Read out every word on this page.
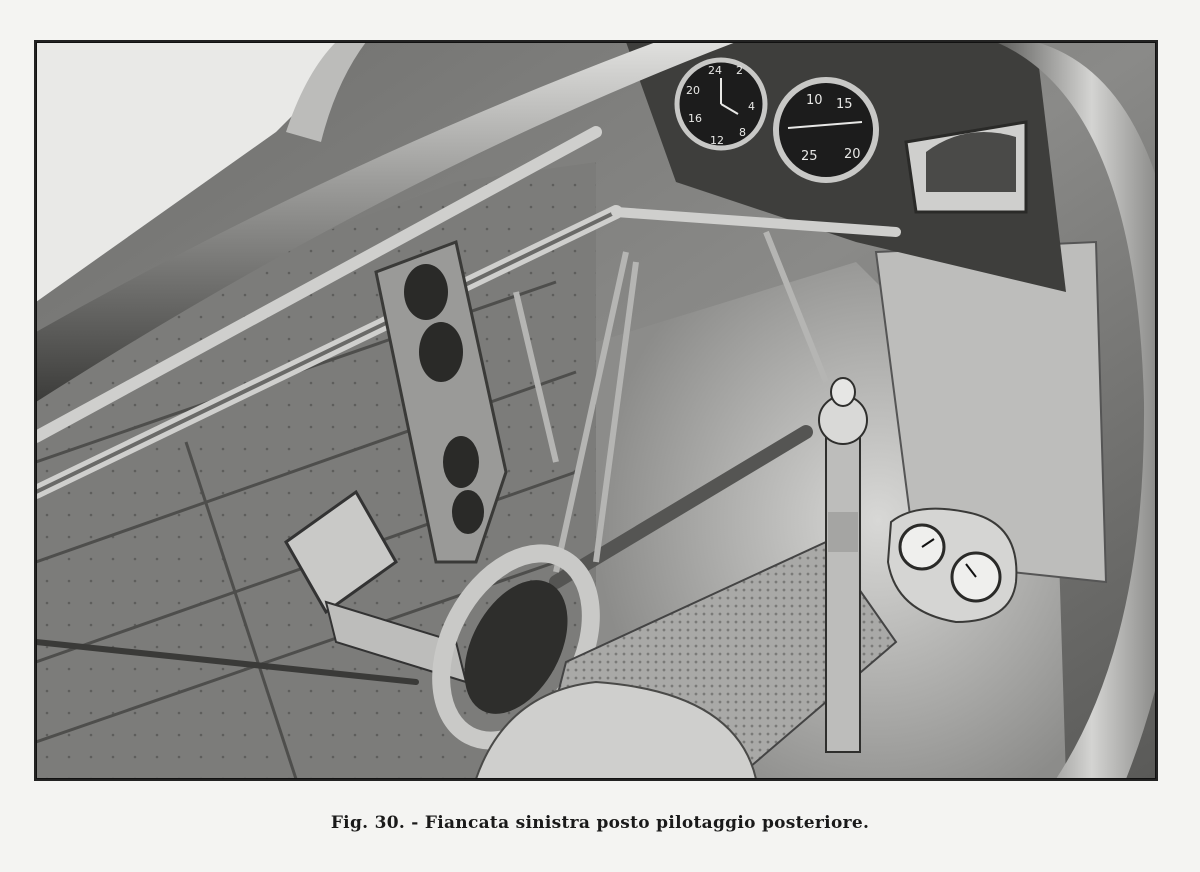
24 2
20
4
16
8
12
10 15
25 20
Fig. 30. - Fiancata sinistra posto pilotaggio posteriore.
